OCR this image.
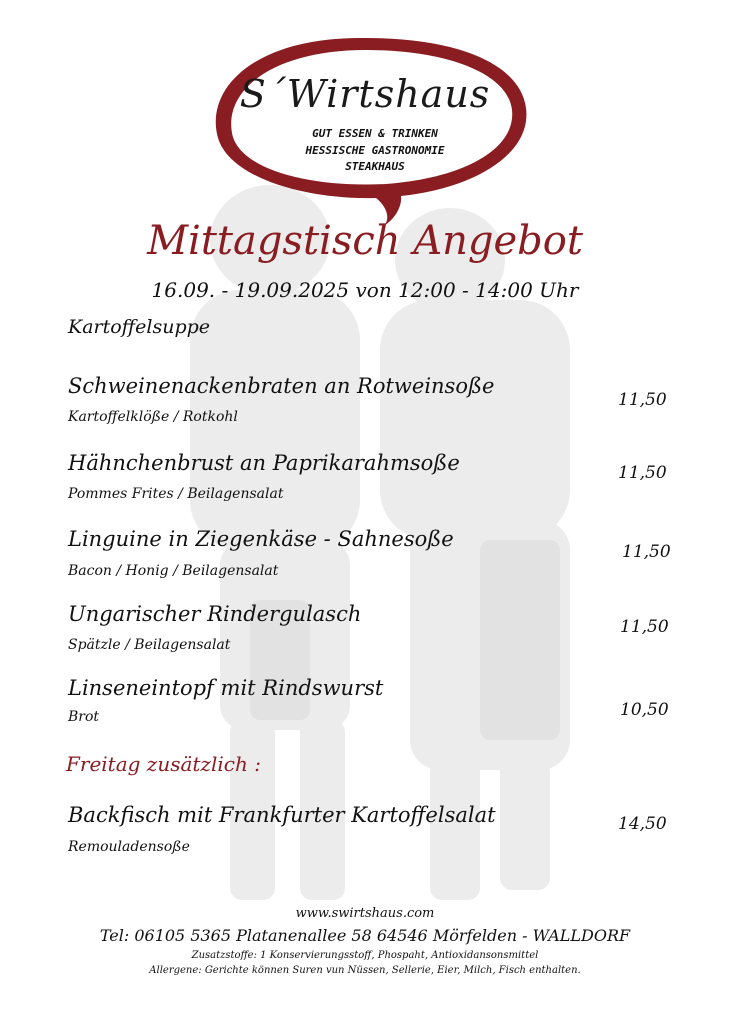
S´Wirtshaus
GUT ESSEN & TRINKEN
HESSISCHE GASTRONOMIE
STEAKHAUS
Mittagstisch Angebot
16.09. - 19.09.2025 von 12:00 - 14:00 Uhr
Kartoffelsuppe
Schweinenackenbraten an Rotweinsoße
Kartoffelklöße / Rotkohl
11,50
Hähnchenbrust an Paprikarahmsoße
Pommes Frites / Beilagensalat
11,50
Linguine in Ziegenkäse - Sahnesoße
Bacon / Honig / Beilagensalat
11,50
Ungarischer Rindergulasch
Spätzle / Beilagensalat
11,50
Linseneintopf mit Rindswurst
Brot	10,50
Freitag zusätzlich :
Backfisch mit Frankfurter Kartoffelsalat
Remouladensoße
14,50
www.swirtshaus.com
Tel: 06105 5365 Platanenallee 58 64546 Mörfelden - WALLDORF
Zusatzstoffe: 1 Konservierungsstoff, Phospaht, Antioxidansonsmittel
Allergene: Gerichte können Suren vun Nüssen, Sellerie, Eier, Milch, Fisch enthalten.
